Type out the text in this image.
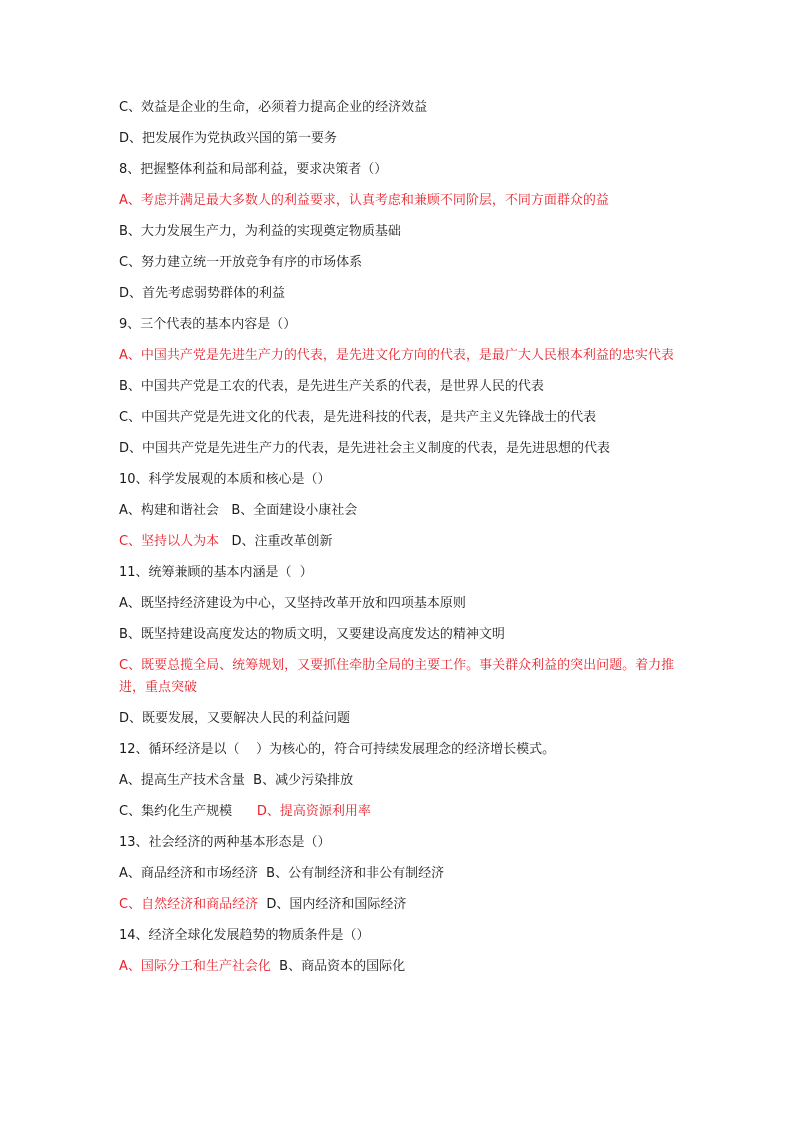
C、效益是企业的生命，必须着力提高企业的经济效益

D、把发展作为党执政兴国的第一要务

8、把握整体利益和局部利益，要求决策者（）

A、考虑并满足最大多数人的利益要求，认真考虑和兼顾不同阶层，不同方面群众的益

B、大力发展生产力，为利益的实现奠定物质基础

C、努力建立统一开放竞争有序的市场体系

D、首先考虑弱势群体的利益

9、三个代表的基本内容是（）

A、中国共产党是先进生产力的代表，是先进文化方向的代表，是最广大人民根本利益的忠实代表

B、中国共产党是工农的代表，是先进生产关系的代表，是世界人民的代表

C、中国共产党是先进文化的代表，是先进科技的代表，是共产主义先锋战士的代表

D、中国共产党是先进生产力的代表，是先进社会主义制度的代表，是先进思想的代表

10、科学发展观的本质和核心是（）

A、构建和谐社会 B、全面建设小康社会

C、坚持以人为本 D、注重改革创新

11、统筹兼顾的基本内涵是（  ）

A、既坚持经济建设为中心，又坚持改革开放和四项基本原则

B、既坚持建设高度发达的物质文明，又要建设高度发达的精神文明

C、既要总揽全局、统筹规划，又要抓住牵肋全局的主要工作。事关群众利益的突出问题。着力推进，重点突破

D、既要发展，又要解决人民的利益问题

12、循环经济是以（    ）为核心的，符合可持续发展理念的经济增长模式。

A、提高生产技术含量 B、减少污染排放

C、集约化生产规模 D、提高资源利用率

13、社会经济的两种基本形态是（）

A、商品经济和市场经济 B、公有制经济和非公有制经济

C、自然经济和商品经济 D、国内经济和国际经济

14、经济全球化发展趋势的物质条件是（）

A、国际分工和生产社会化 B、商品资本的国际化
